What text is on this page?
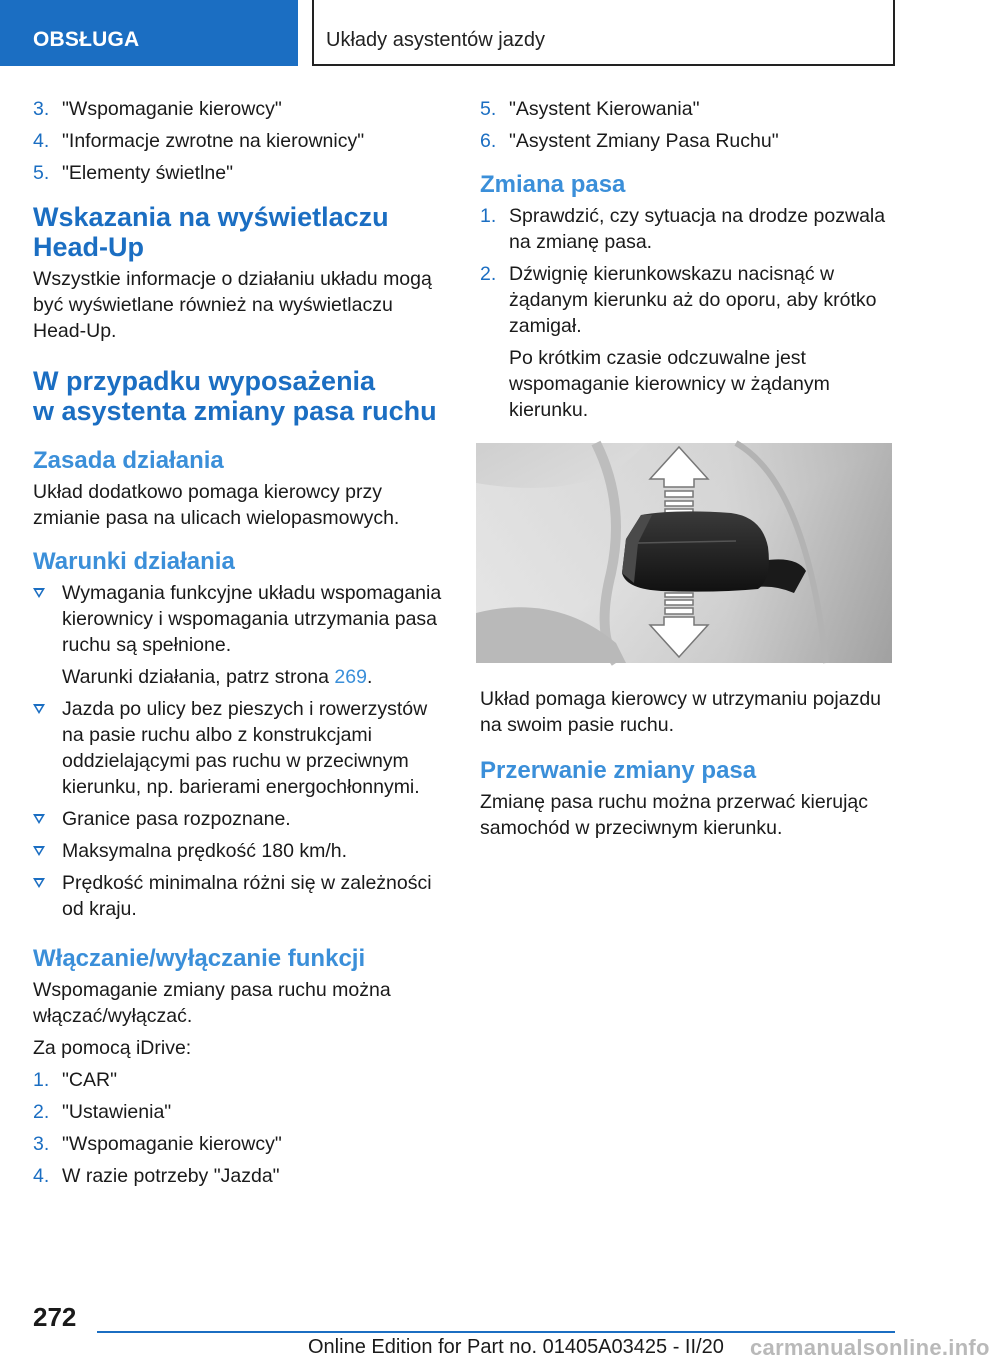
OBSŁUGA	Układy asystentów jazdy
3. "Wspomaganie kierowcy"
4. "Informacje zwrotne na kierownicy"
5. "Elementy świetlne"
Wskazania na wyświetlaczu Head-Up

Wszystkie informacje o działaniu układu mogą być wyświetlane również na wyświetlaczu Head-Up.

W przypadku wyposażenia
w asystenta zmiany pasa ruchu
Zasada działania

Układ dodatkowo pomaga kierowcy przy zmianie pasa na ulicach wielopasmowych.

Warunki działania
Wymagania funkcyjne układu wspomagania kierownicy i wspomagania utrzymania pasa ruchu są spełnione.
Warunki działania, patrz strona 269.
Jazda po ulicy bez pieszych i rowerzystów na pasie ruchu albo z konstrukcjami oddzielającymi pas ruchu w przeciwnym kierunku, np. barierami energochłonnymi.
Granice pasa rozpoznane.
Maksymalna prędkość 180 km/h.
Prędkość minimalna różni się w zależności od kraju.
Włączanie/wyłączanie funkcji

Wspomaganie zmiany pasa ruchu można włączać/wyłączać.

Za pomocą iDrive:

1. "CAR"
2. "Ustawienia"
3. "Wspomaganie kierowcy"
4. W razie potrzeby "Jazda"
5. "Asystent Kierowania"
6. "Asystent Zmiany Pasa Ruchu"
Zmiana pasa
1. Sprawdzić, czy sytuacja na drodze pozwala na zmianę pasa.
2. Dźwignię kierunkowskazu nacisnąć w żądanym kierunku aż do oporu, aby krótko zamigał.
Po krótkim czasie odczuwalne jest wspomaganie kierownicy w żądanym kierunku.

Układ pomaga kierowcy w utrzymaniu pojazdu na swoim pasie ruchu.

Przerwanie zmiany pasa

Zmianę pasa ruchu można przerwać kierując samochód w przeciwnym kierunku.

272
Online Edition for Part no. 01405A03425 - II/20 carmanualsonline.info
